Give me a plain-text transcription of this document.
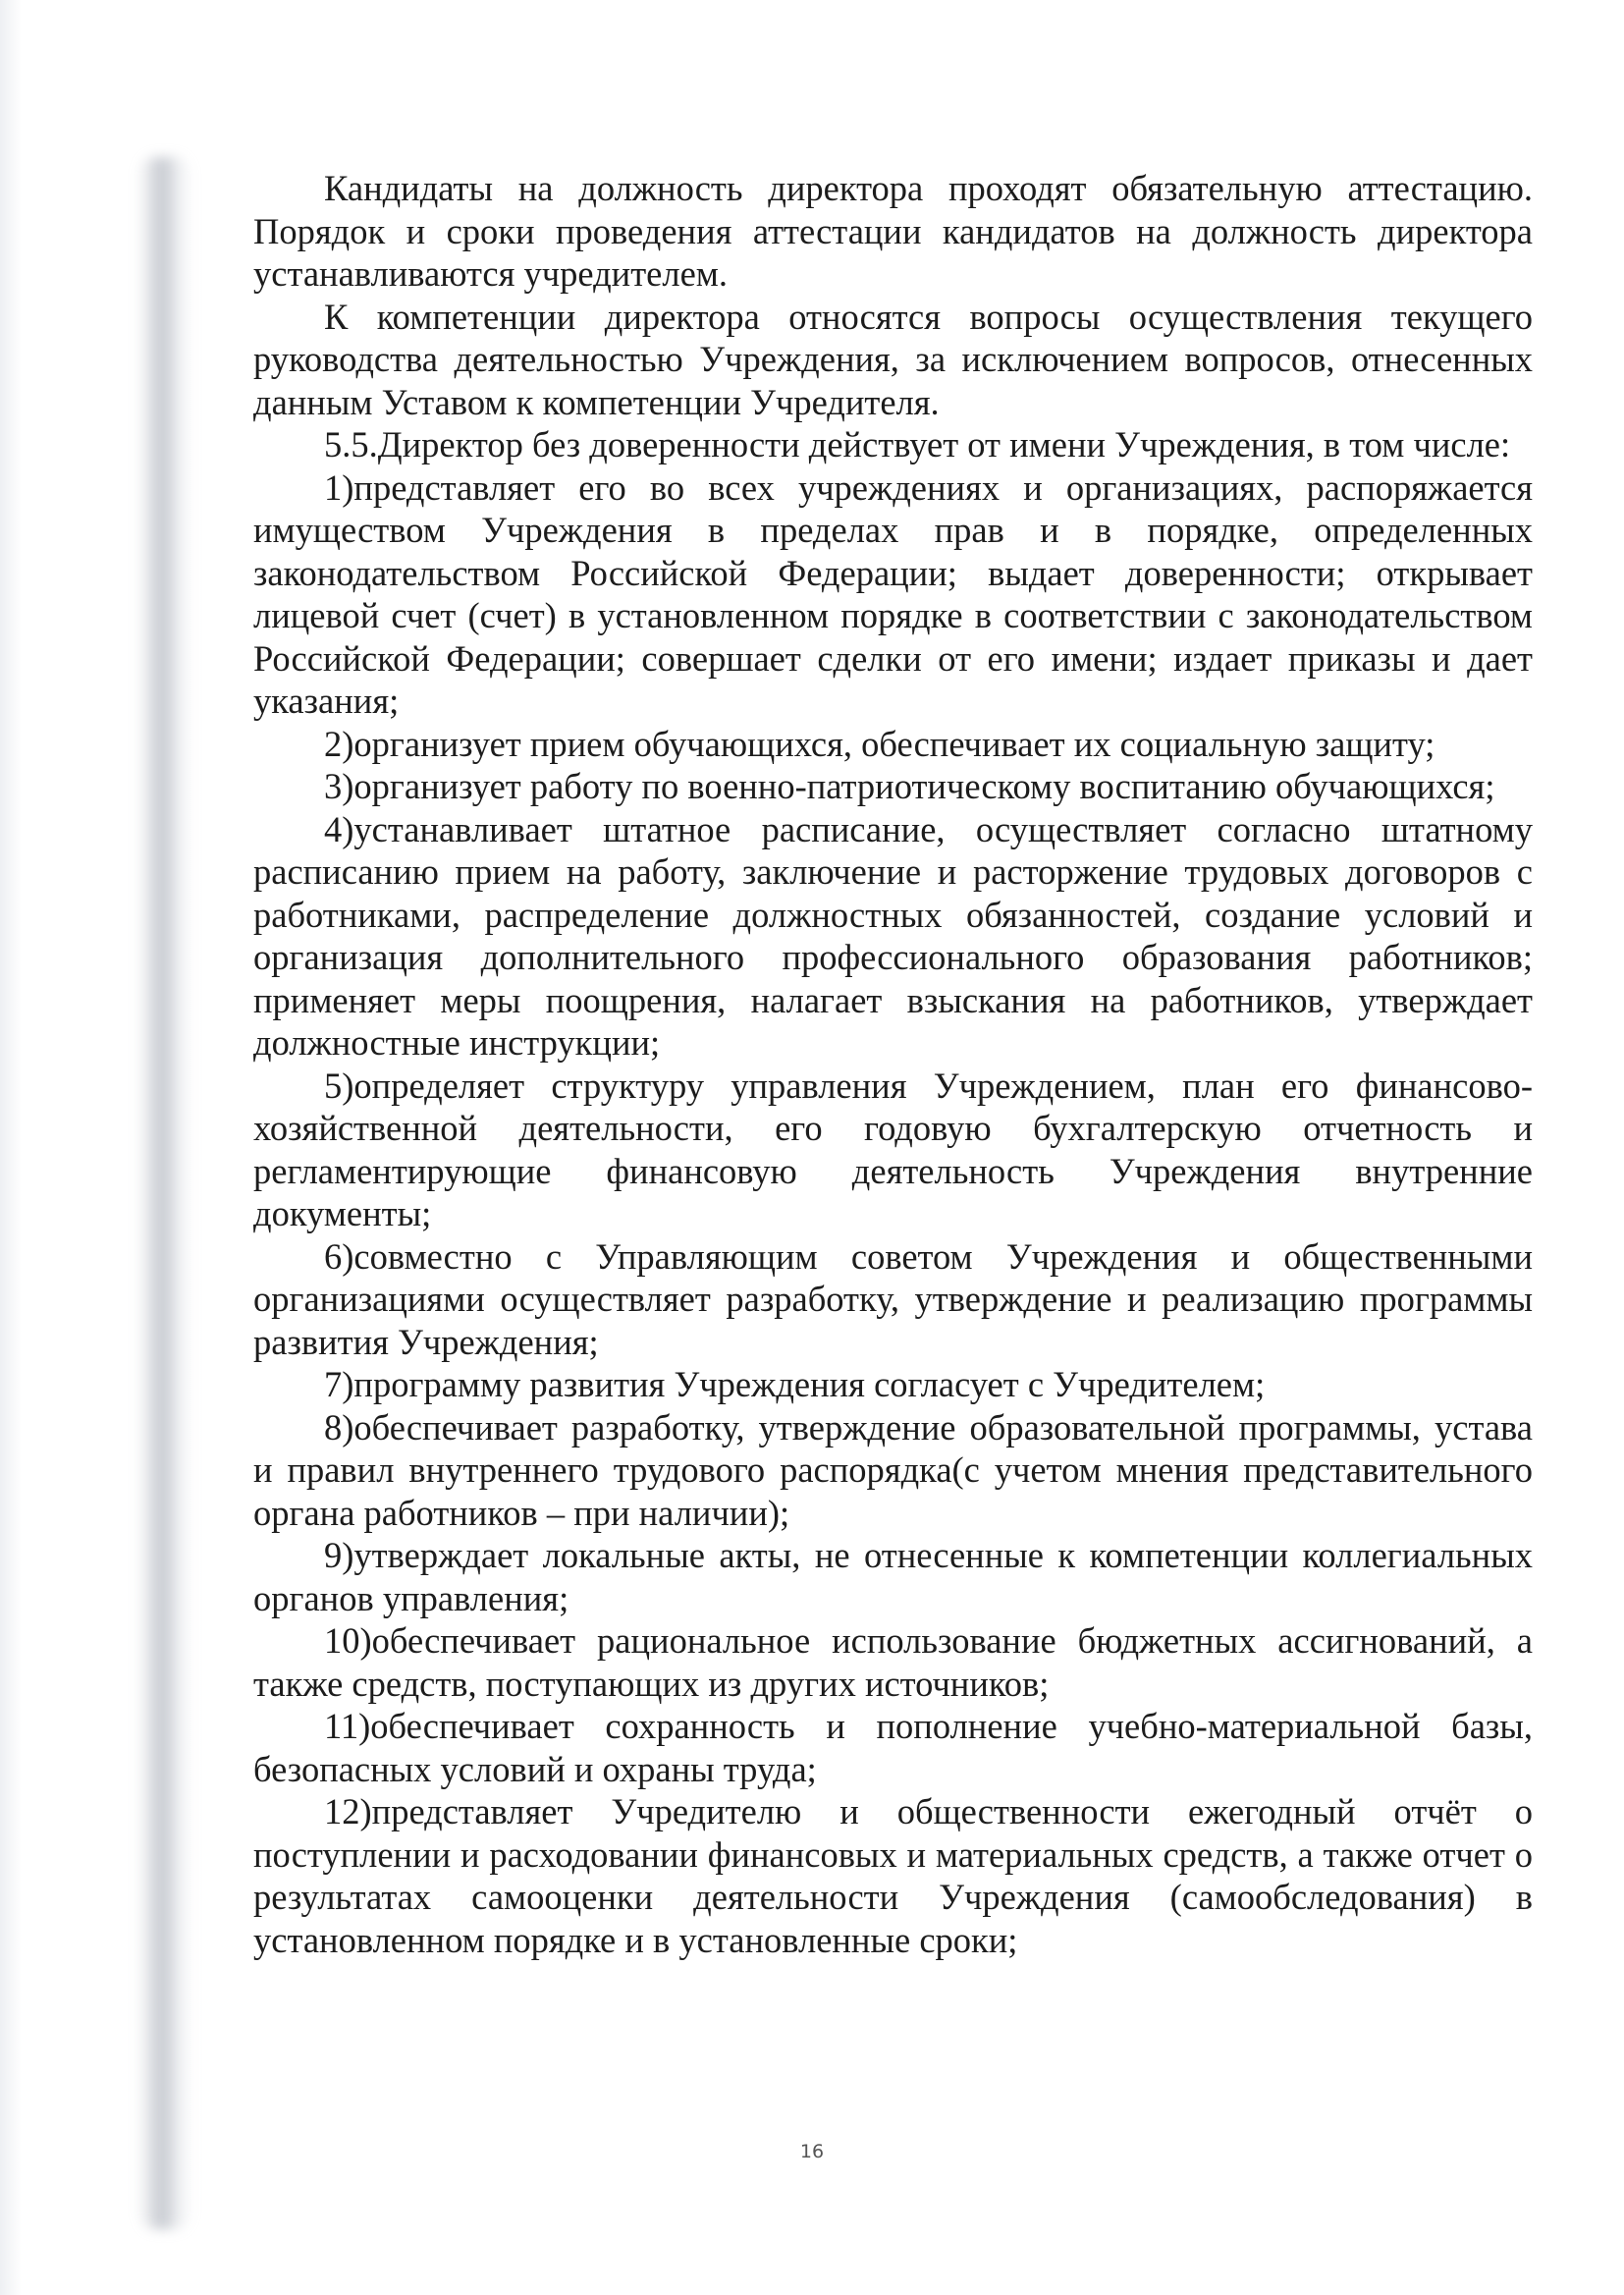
Кандидаты на должность директора проходят обязательную аттестацию. Порядок и сроки проведения аттестации кандидатов на должность директора устанавливаются учредителем.

К компетенции директора относятся вопросы осуществления текущего руководства деятельностью Учреждения, за исключением вопросов, отнесенных данным Уставом к компетенции Учредителя.

5.5.Директор без доверенности действует от имени Учреждения, в том числе:

1)представляет его во всех учреждениях и организациях, распоряжается имуществом Учреждения в пределах прав и в порядке, определенных законодательством Российской Федерации; выдает доверенности; открывает лицевой счет (счет) в установленном порядке в соответствии с законодательством Российской Федерации; совершает сделки от его имени; издает приказы и дает указания;

2)организует прием обучающихся, обеспечивает их социальную защиту;

3)организует работу по военно-патриотическому воспитанию обучающихся;

4)устанавливает штатное расписание, осуществляет согласно штатному расписанию прием на работу, заключение и расторжение трудовых договоров с работниками, распределение должностных обязанностей, создание условий и организация дополнительного профессионального образования работников; применяет меры поощрения, налагает взыскания на работников, утверждает должностные инструкции;

5)определяет структуру управления Учреждением, план его финансово-хозяйственной деятельности, его годовую бухгалтерскую отчетность и регламентирующие финансовую деятельность Учреждения внутренние документы;

6)совместно с Управляющим советом Учреждения и общественными организациями осуществляет разработку, утверждение и реализацию программы развития Учреждения;

7)программу развития Учреждения согласует с Учредителем;

8)обеспечивает разработку, утверждение образовательной программы, устава и правил внутреннего трудового распорядка(с учетом мнения представительного органа работников – при наличии);

9)утверждает локальные акты, не отнесенные к компетенции коллегиальных органов управления;

10)обеспечивает рациональное использование бюджетных ассигнований, а также средств, поступающих из других источников;

11)обеспечивает сохранность и пополнение учебно-материальной базы, безопасных условий и охраны труда;

12)представляет Учредителю и общественности ежегодный отчёт о поступлении и расходовании финансовых и материальных средств, а также отчет о результатах самооценки деятельности Учреждения (самообследования) в установленном порядке и в установленные сроки;

16
